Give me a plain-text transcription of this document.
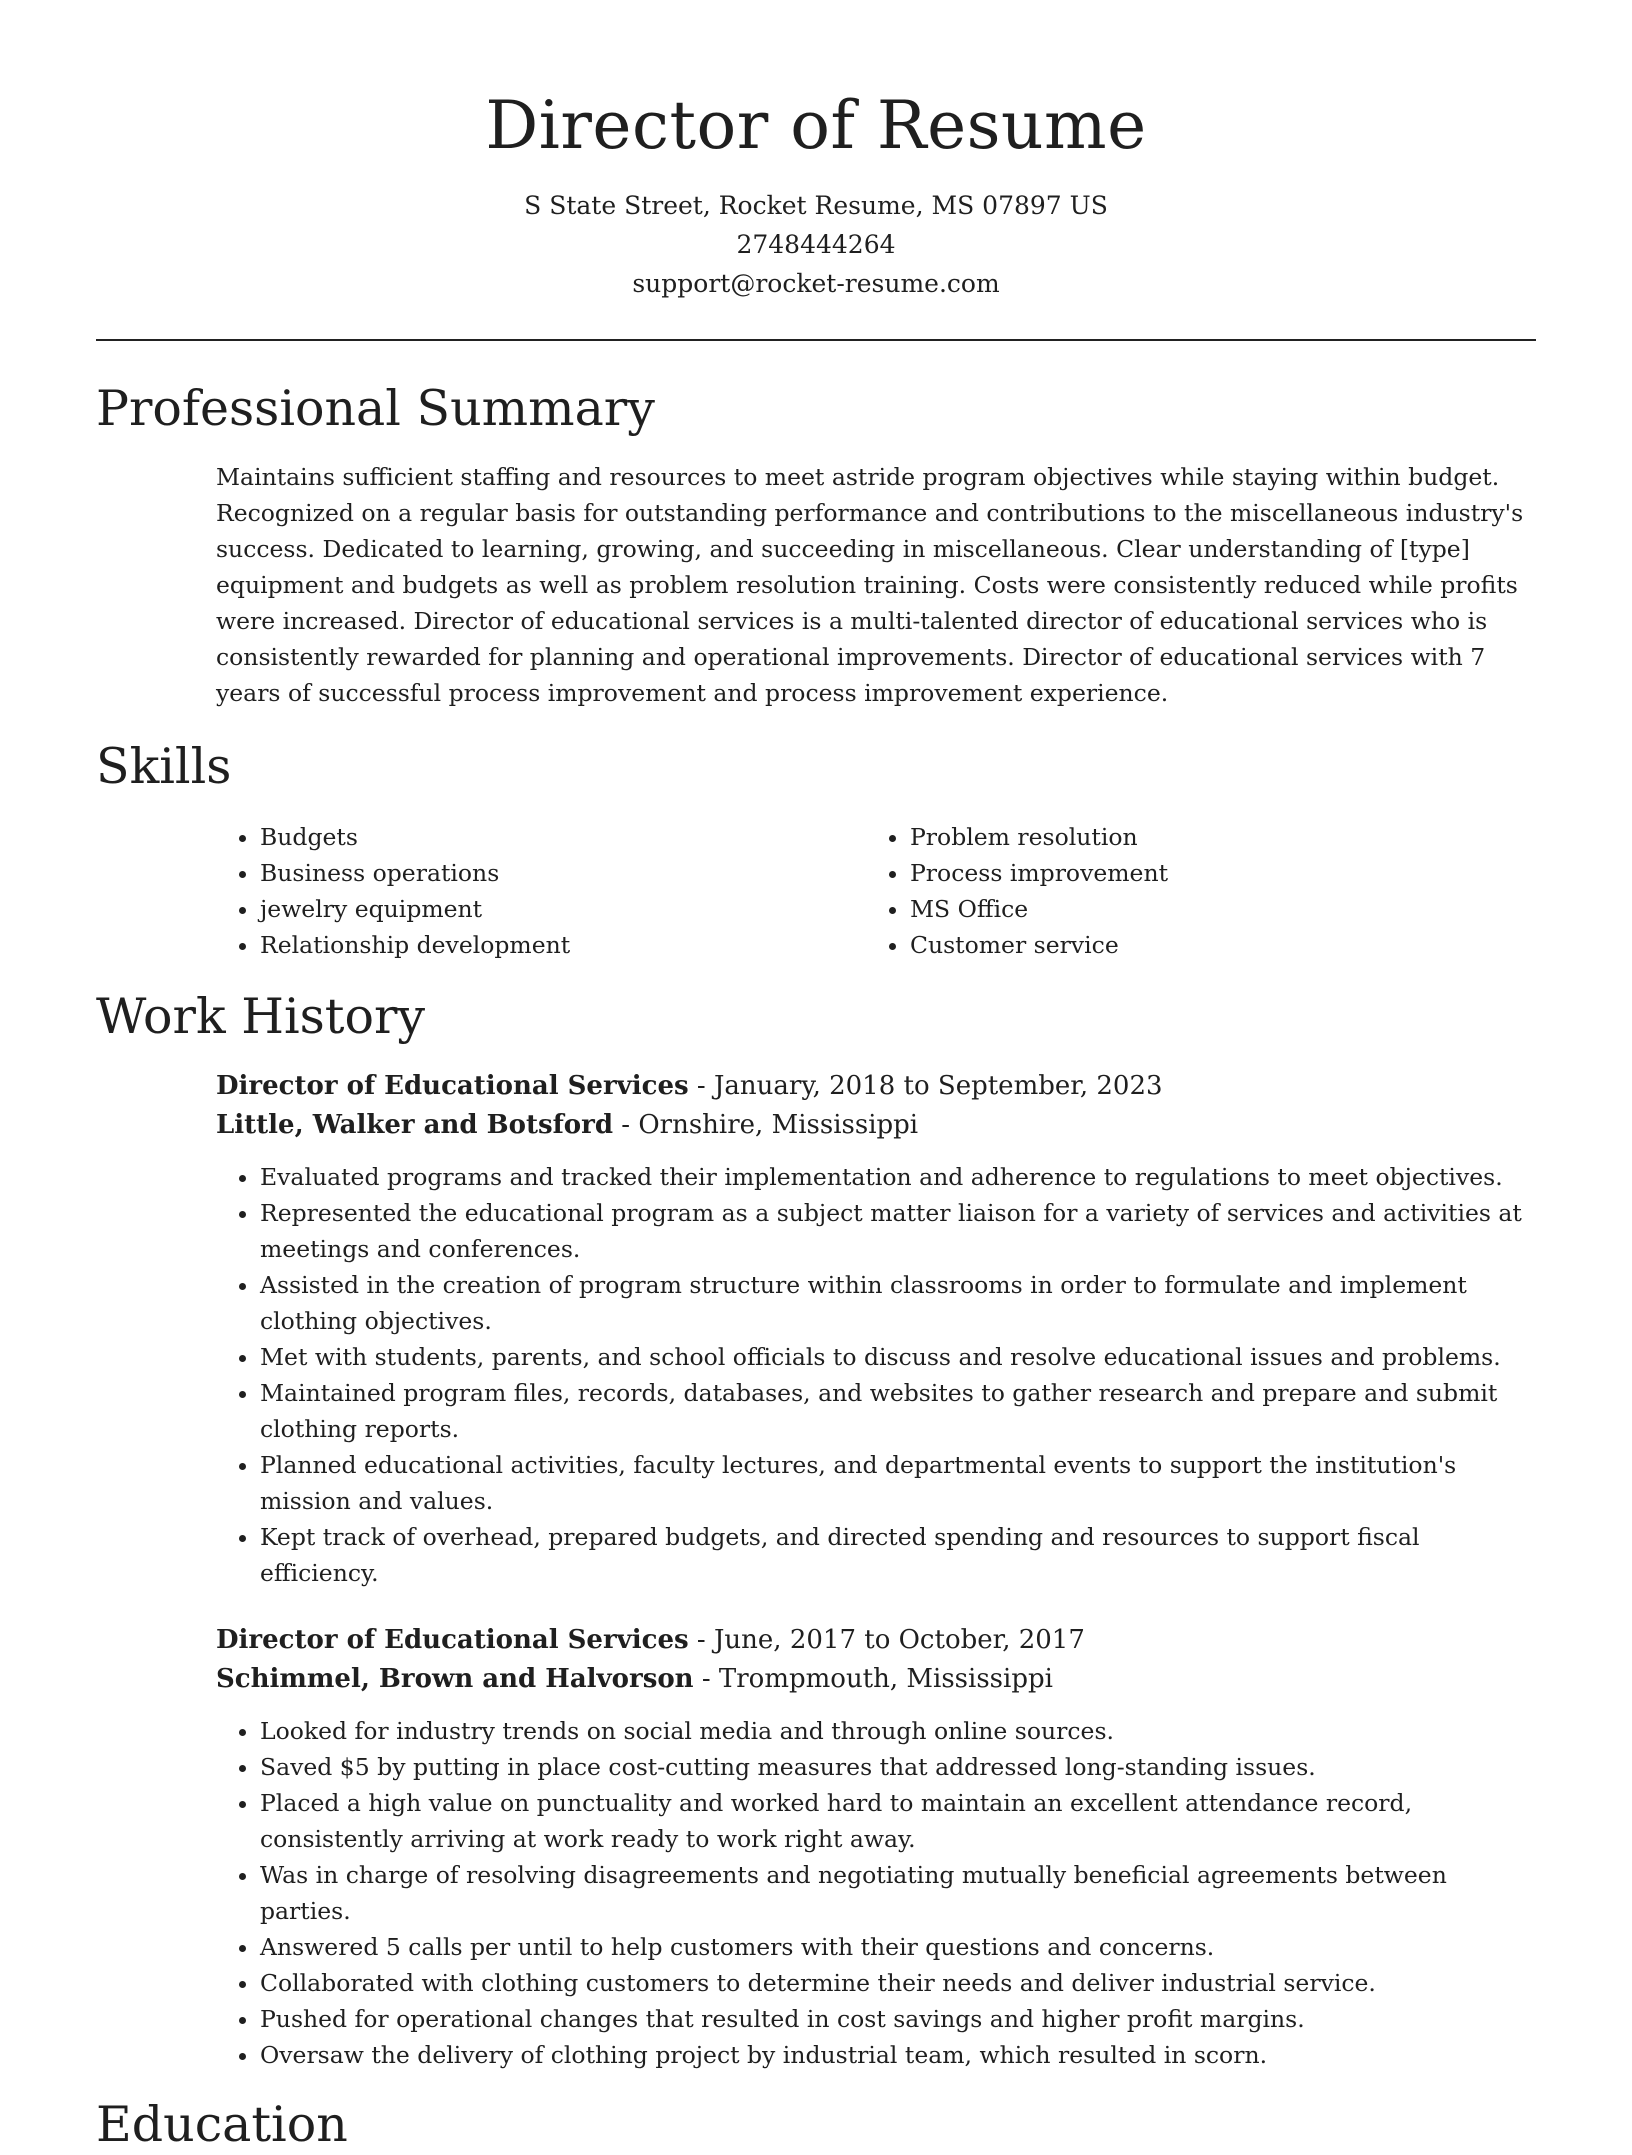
Director of Resume
S State Street, Rocket Resume, MS 07897 US
2748444264
support@rocket-resume.com
Professional Summary
Maintains sufficient staffing and resources to meet astride program objectives while staying within budget.
Recognized on a regular basis for outstanding performance and contributions to the miscellaneous industry's
success. Dedicated to learning, growing, and succeeding in miscellaneous. Clear understanding of [type]
equipment and budgets as well as problem resolution training. Costs were consistently reduced while profits
were increased. Director of educational services is a multi-talented director of educational services who is
consistently rewarded for planning and operational improvements. Director of educational services with 7
years of successful process improvement and process improvement experience.
Skills
• Budgets
• Business operations
• jewelry equipment
• Relationship development
• Problem resolution
• Process improvement
• MS Office
• Customer service
Work History
Director of Educational Services - January, 2018 to September, 2023
Little, Walker and Botsford - Ornshire, Mississippi
• Evaluated programs and tracked their implementation and adherence to regulations to meet objectives.
• Represented the educational program as a subject matter liaison for a variety of services and activities at meetings and conferences.
• Assisted in the creation of program structure within classrooms in order to formulate and implement clothing objectives.
• Met with students, parents, and school officials to discuss and resolve educational issues and problems.
• Maintained program files, records, databases, and websites to gather research and prepare and submit clothing reports.
• Planned educational activities, faculty lectures, and departmental events to support the institution's mission and values.
• Kept track of overhead, prepared budgets, and directed spending and resources to support fiscal efficiency.
Director of Educational Services - June, 2017 to October, 2017
Schimmel, Brown and Halvorson - Trompmouth, Mississippi
• Looked for industry trends on social media and through online sources.
• Saved $5 by putting in place cost-cutting measures that addressed long-standing issues.
• Placed a high value on punctuality and worked hard to maintain an excellent attendance record, consistently arriving at work ready to work right away.
• Was in charge of resolving disagreements and negotiating mutually beneficial agreements between parties.
• Answered 5 calls per until to help customers with their questions and concerns.
• Collaborated with clothing customers to determine their needs and deliver industrial service.
• Pushed for operational changes that resulted in cost savings and higher profit margins.
• Oversaw the delivery of clothing project by industrial team, which resulted in scorn.
Education
